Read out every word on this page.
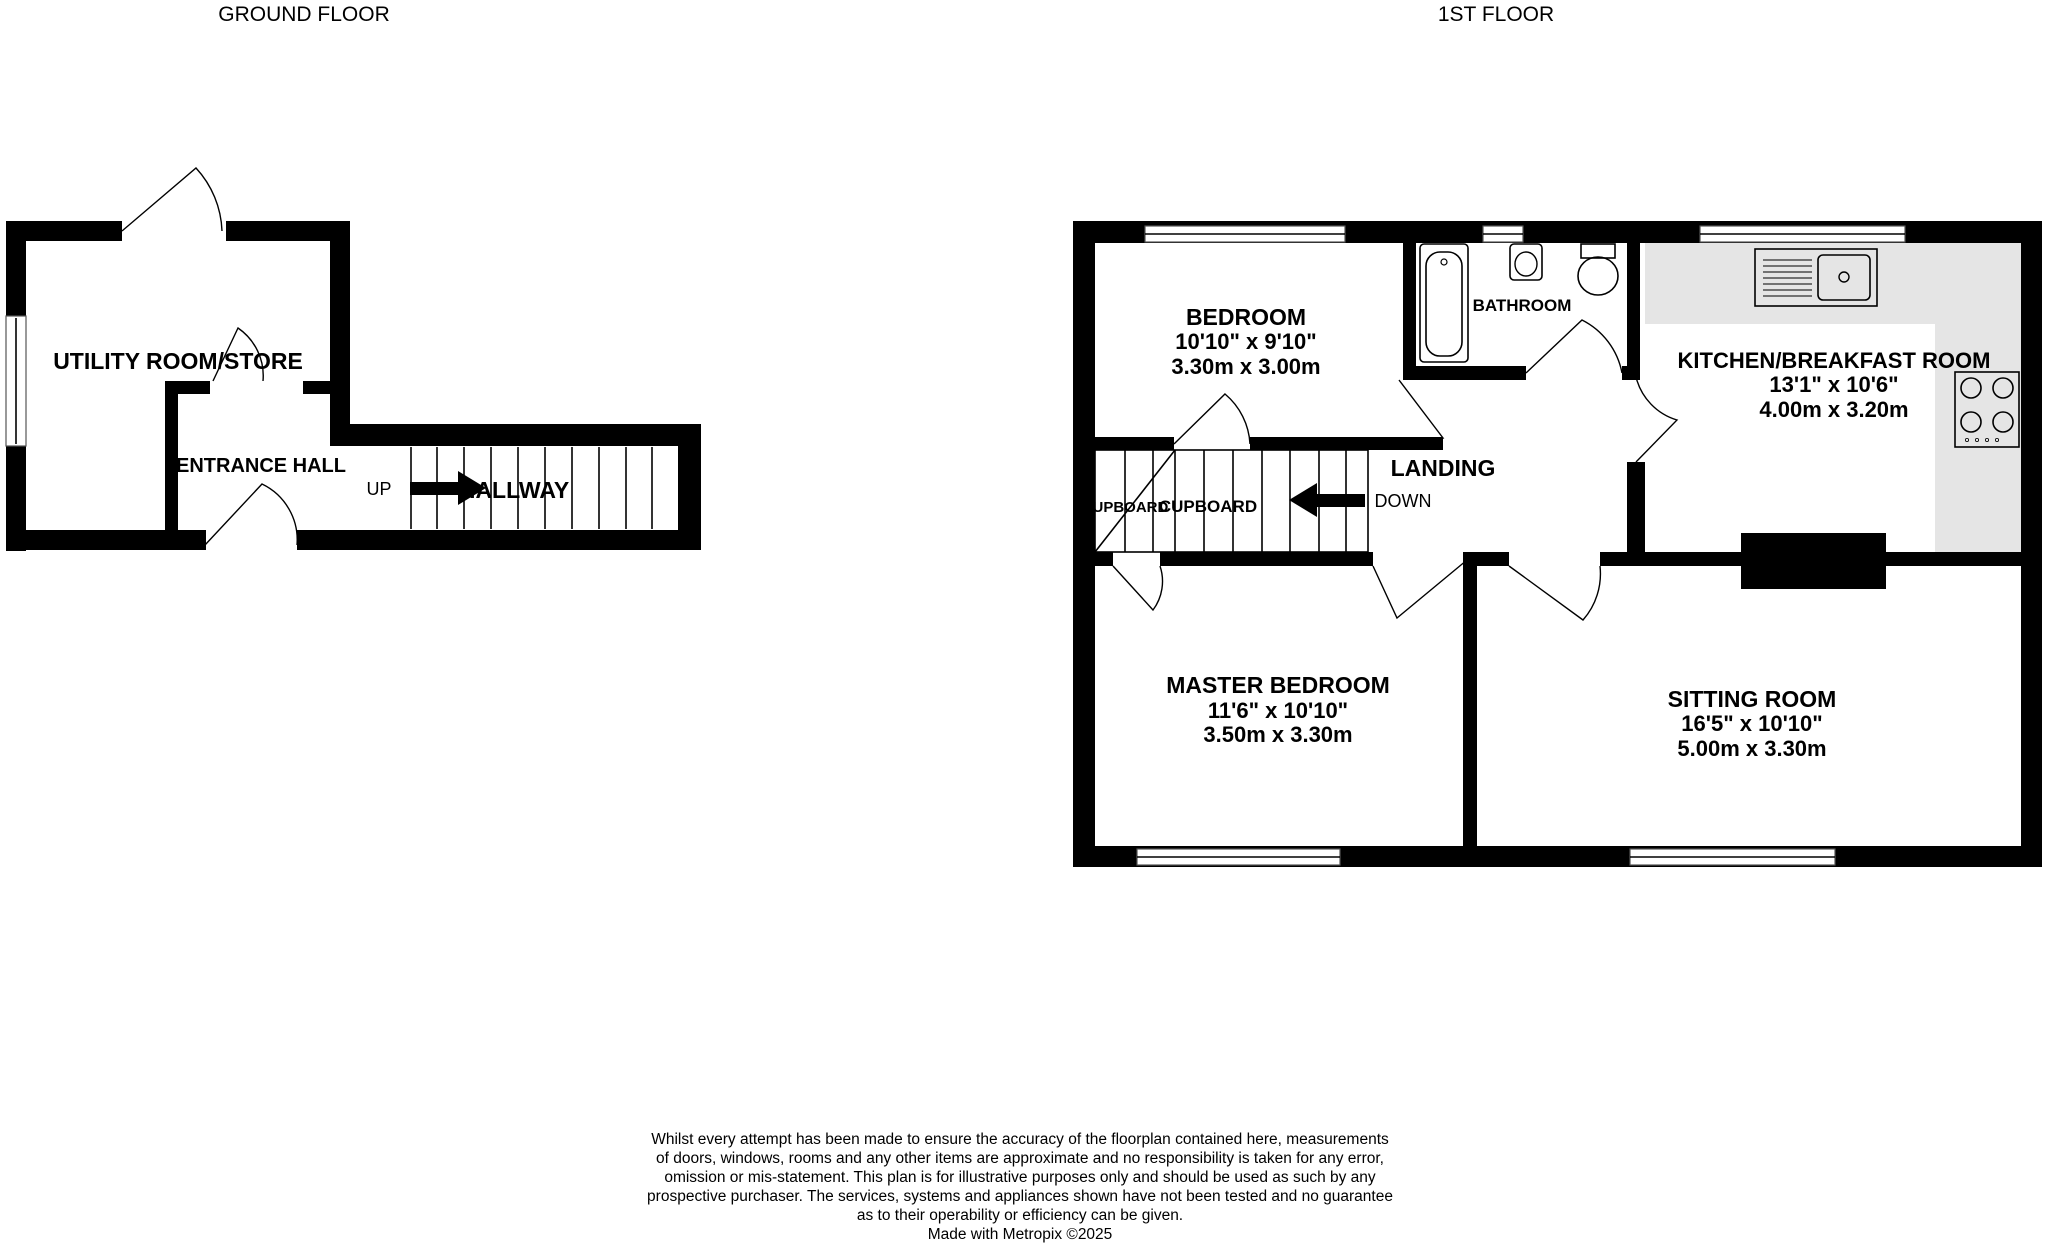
GROUND FLOOR
UTILITY ROOM/STORE
ENTRANCE HALL
UP	HALLWAY
1ST FLOOR
BEDROOM
10'10" x 9'10"
3.30m x 3.00m
BATHROOM
KITCHEN/BREAKFAST ROOM
13'1" x 10'6"
4.00m x 3.20m
LANDING
DOWN
CUPBOARD
CUPBOARD
MASTER BEDROOM
11'6" x 10'10"
3.50m x 3.30m
SITTING ROOM
16'5" x 10'10"
5.00m x 3.30m
Whilst every attempt has been made to ensure the accuracy of the floorplan contained here, measurements
of doors, windows, rooms and any other items are approximate and no responsibility is taken for any error,
omission or mis-statement. This plan is for illustrative purposes only and should be used as such by any
prospective purchaser. The services, systems and appliances shown have not been tested and no guarantee
as to their operability or efficiency can be given.
Made with Metropix ©2025
